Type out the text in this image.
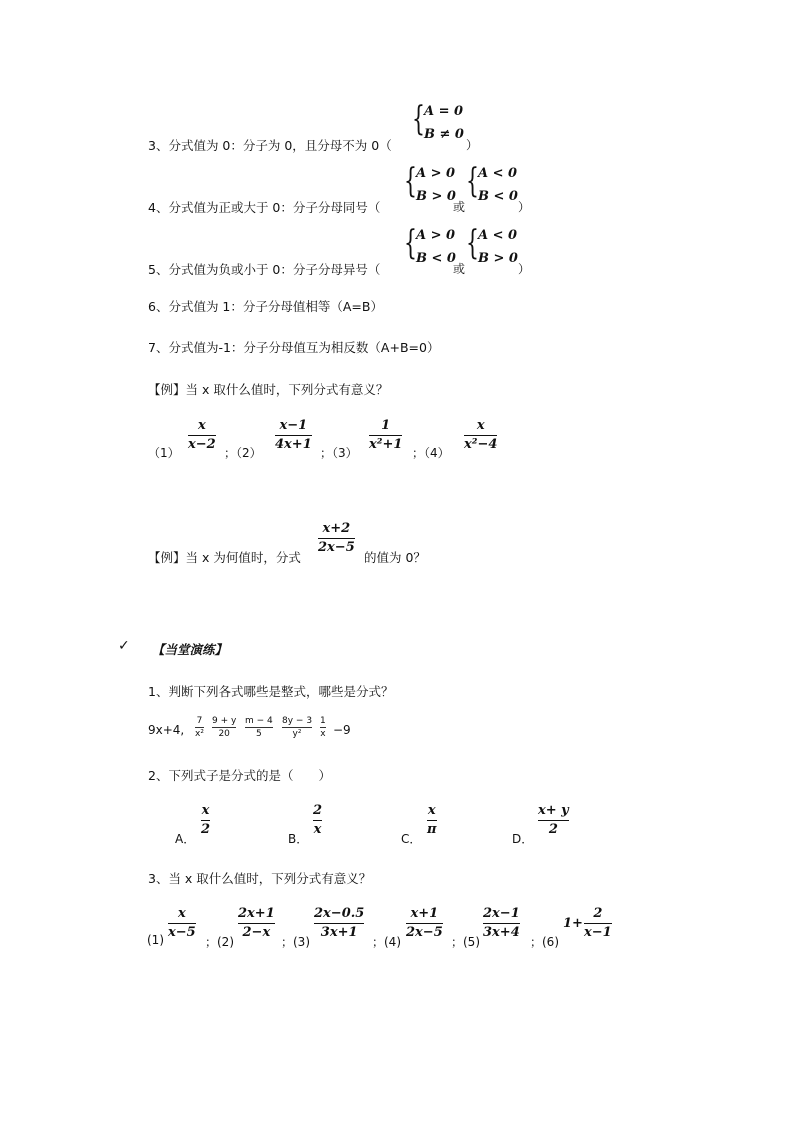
3、分式值为 0：分子为 0，且分母不为 0（
{ A = 0
B ≠ 0
）
4、分式值为正或大于 0：分子分母同号（
{ A > 0
B > 0
或
{ A < 0
B < 0
）
5、分式值为负或小于 0：分子分母异号（
{ A > 0
B < 0
或
{ A < 0
B > 0
）
6、分式值为 1：分子分母值相等（A=B）
7、分式值为-1：分子分母值互为相反数（A+B=0）
【例】当 x 取什么值时，下列分式有意义？
（1）
x
x−2
；（2）
x−1
4x+1
；（3）
1
x²+1
；（4）
x
x²−4
【例】当 x 为何值时，分式
x+2
2x−5
的值为 0？
✓ 【当堂演练】
1、判断下列各式哪些是整式，哪些是分式？
9x+4,
7
x²
9 + y
20
m − 4
5
8y − 3
y²
1
x −9
2、下列式子是分式的是（　　）
A．
x
2
B．
2
x
C．
x
π
D．
x+ y
2
3、当 x 取什么值时，下列分式有意义？
(1)
x
x−5
；(2)
2x+1
2−x
；(3)
2x−0.5
3x+1
；(4)
x+1
2x−5
；(5)
2x−1
3x+4
；(6)
1+
2
x−1
